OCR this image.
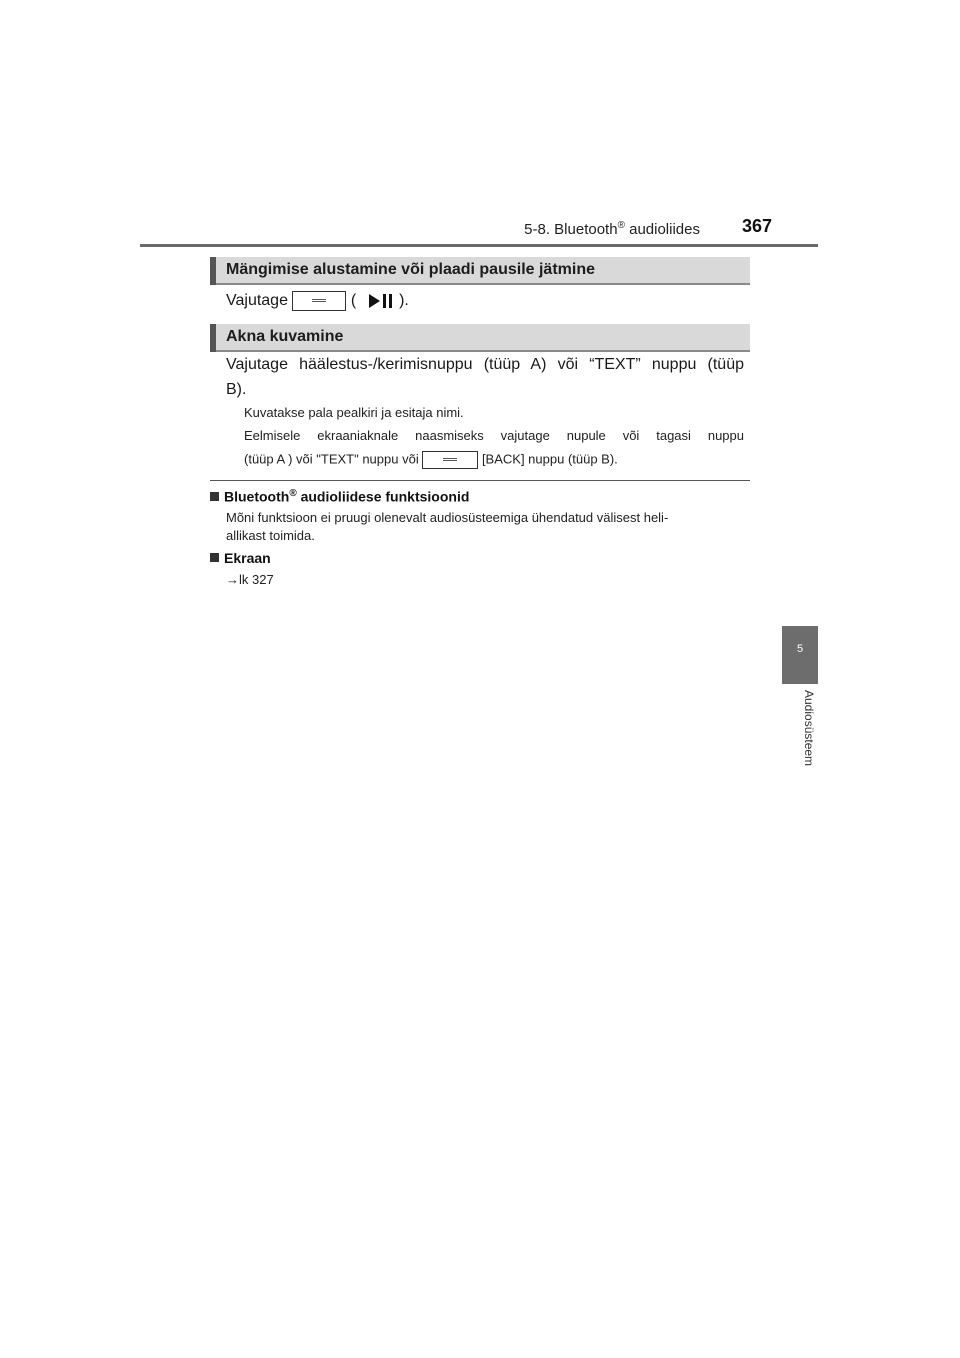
5-8. Bluetooth® audioliides 367
5
Audiosüsteem
Mängimise alustamine või plaadi pausile jätmine
Vajutage	(  ).
Akna kuvamine
Vajutage häälestus-/kerimisnuppu (tüüp A) või “TEXT” nuppu (tüüp
B).
Kuvatakse pala pealkiri ja esitaja nimi.
Eelmisele ekraaniaknale naasmiseks vajutage nupule või tagasi nuppu
(tüüp A ) või "TEXT" nuppu või	[BACK] nuppu (tüüp B).
Bluetooth® audioliidese funktsioonid
Mõni funktsioon ei pruugi olenevalt audiosüsteemiga ühendatud välisest heli-
allikast toimida.
Ekraan
→lk 327
